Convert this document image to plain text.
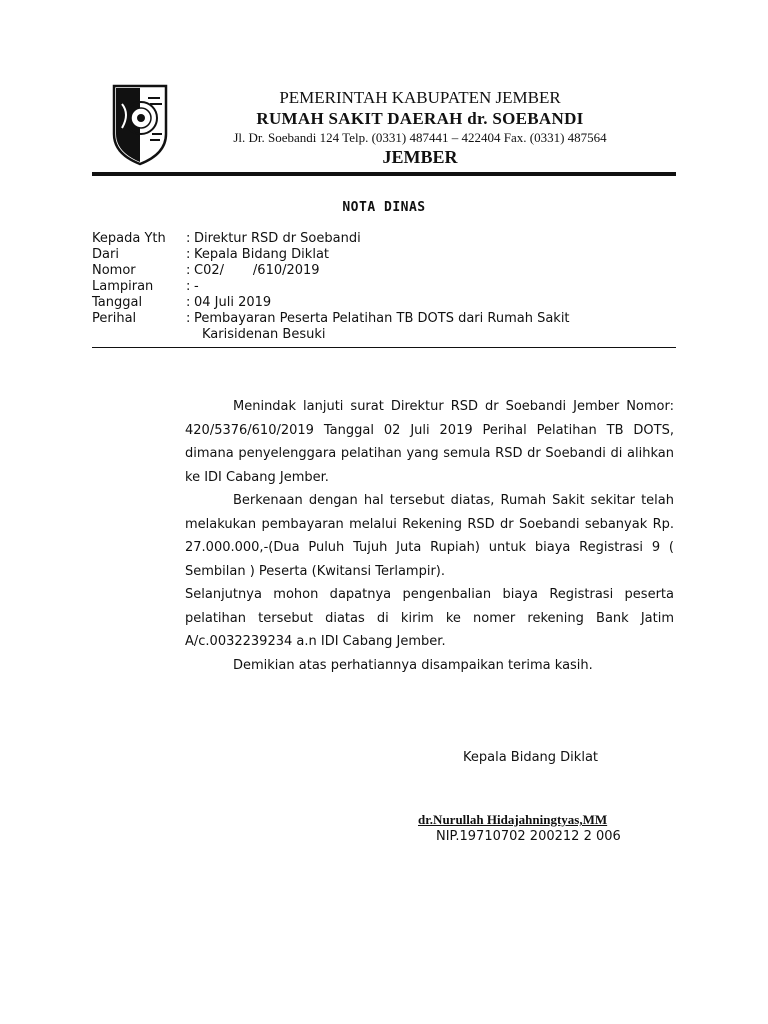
PEMERINTAH KABUPATEN JEMBER
RUMAH SAKIT DAERAH dr. SOEBANDI
Jl. Dr. Soebandi 124 Telp. (0331) 487441 – 422404 Fax. (0331) 487564
JEMBER
NOTA DINAS
Kepada Yth	: Direktur RSD dr Soebandi
Dari	: Kepala Bidang Diklat
Nomor	: C02/       /610/2019
Lampiran	: -
Tanggal	: 04 Juli 2019
Perihal	: Pembayaran Peserta Pelatihan TB DOTS dari Rumah Sakit
Karisidenan Besuki

Menindak lanjuti surat Direktur RSD dr Soebandi Jember Nomor: 420/5376/610/2019 Tanggal 02 Juli 2019 Perihal Pelatihan TB DOTS, dimana penyelenggara pelatihan yang semula RSD dr Soebandi di alihkan ke IDI Cabang Jember.

Berkenaan dengan hal tersebut diatas, Rumah Sakit sekitar telah melakukan pembayaran melalui Rekening RSD dr Soebandi sebanyak Rp. 27.000.000,-(Dua Puluh Tujuh Juta Rupiah) untuk biaya Registrasi 9 ( Sembilan ) Peserta (Kwitansi Terlampir).

Selanjutnya mohon dapatnya pengenbalian biaya Registrasi peserta pelatihan tersebut diatas di kirim ke nomer rekening Bank Jatim A/c.0032239234 a.n IDI Cabang Jember.

Demikian atas perhatiannya disampaikan terima kasih.

Kepala Bidang Diklat
dr.Nurullah Hidajahningtyas,MM
NIP.19710702 200212 2 006
